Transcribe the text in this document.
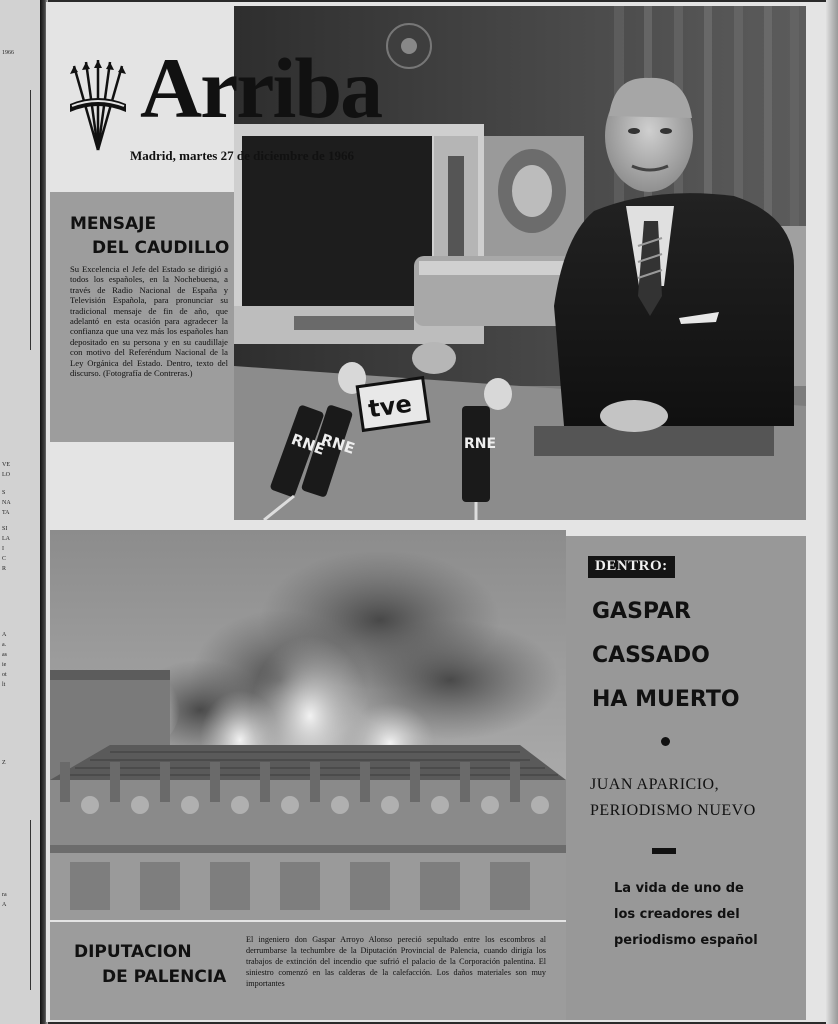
1966
VE
LO
S
NA
TA
SI
LA
I
C
R
A
a.
as
ie
ot
lt
Z
ra
A
RNE
RNE
tve
RNE
Arriba
Madrid, martes 27 de diciembre de 1966
MENSAJE
DEL CAUDILLO
Su Excelencia el Jefe del Estado se dirigió a todos los españoles, en la Nochebuena, a través de Radio Nacional de España y Televisión Española, para pronunciar su tradicional mensaje de fin de año, que adelantó en esta ocasión para agradecer la confianza que una vez más los españoles han depositado en su persona y en su caudillaje con motivo del Referéndum Nacional de la Ley Orgánica del Estado. Dentro, texto del discurso. (Fotografía de Contreras.)
DENTRO:
GASPAR
CASSADO
HA MUERTO
JUAN APARICIO,
PERIODISMO NUEVO
La vida de uno de
los creadores del
periodismo español
DIPUTACION
DE PALENCIA
El ingeniero don Gaspar Arroyo Alonso pereció sepultado entre los escombros al derrumbarse la techumbre de la Diputación Provincial de Palencia, cuando dirigía los trabajos de extinción del incendio que sufrió el palacio de la Corporación palentina. El siniestro comenzó en las calderas de la calefacción. Los daños materiales son muy importantes
